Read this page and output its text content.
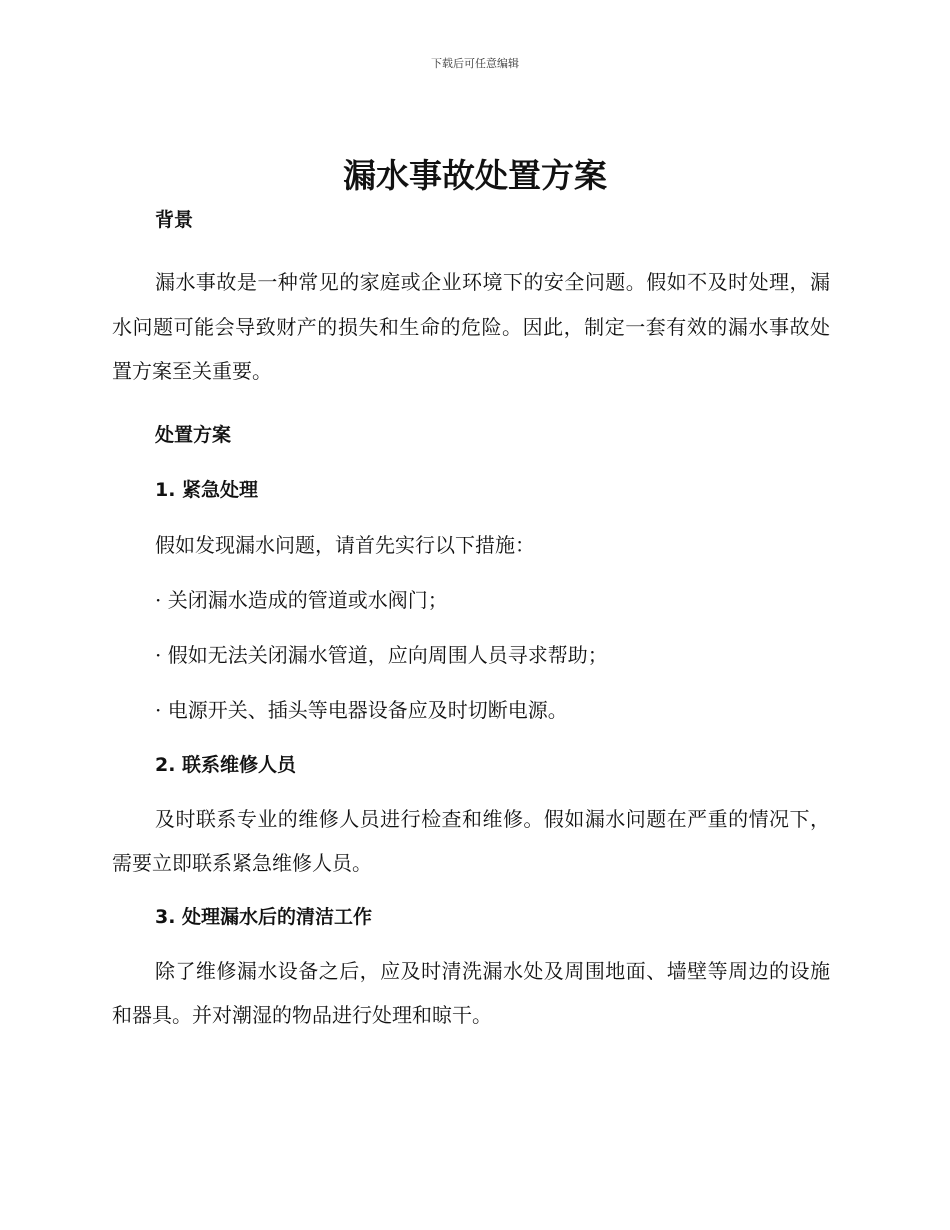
下载后可任意编辑
漏水事故处置方案

背景

漏水事故是一种常见的家庭或企业环境下的安全问题。假如不及时处理，漏水问题可能会导致财产的损失和生命的危险。因此，制定一套有效的漏水事故处置方案至关重要。

处置方案

1. 紧急处理

假如发现漏水问题，请首先实行以下措施：

· 关闭漏水造成的管道或水阀门；

· 假如无法关闭漏水管道，应向周围人员寻求帮助；

· 电源开关、插头等电器设备应及时切断电源。

2. 联系维修人员

及时联系专业的维修人员进行检查和维修。假如漏水问题在严重的情况下，需要立即联系紧急维修人员。

3. 处理漏水后的清洁工作

除了维修漏水设备之后，应及时清洗漏水处及周围地面、墙壁等周边的设施和器具。并对潮湿的物品进行处理和晾干。
